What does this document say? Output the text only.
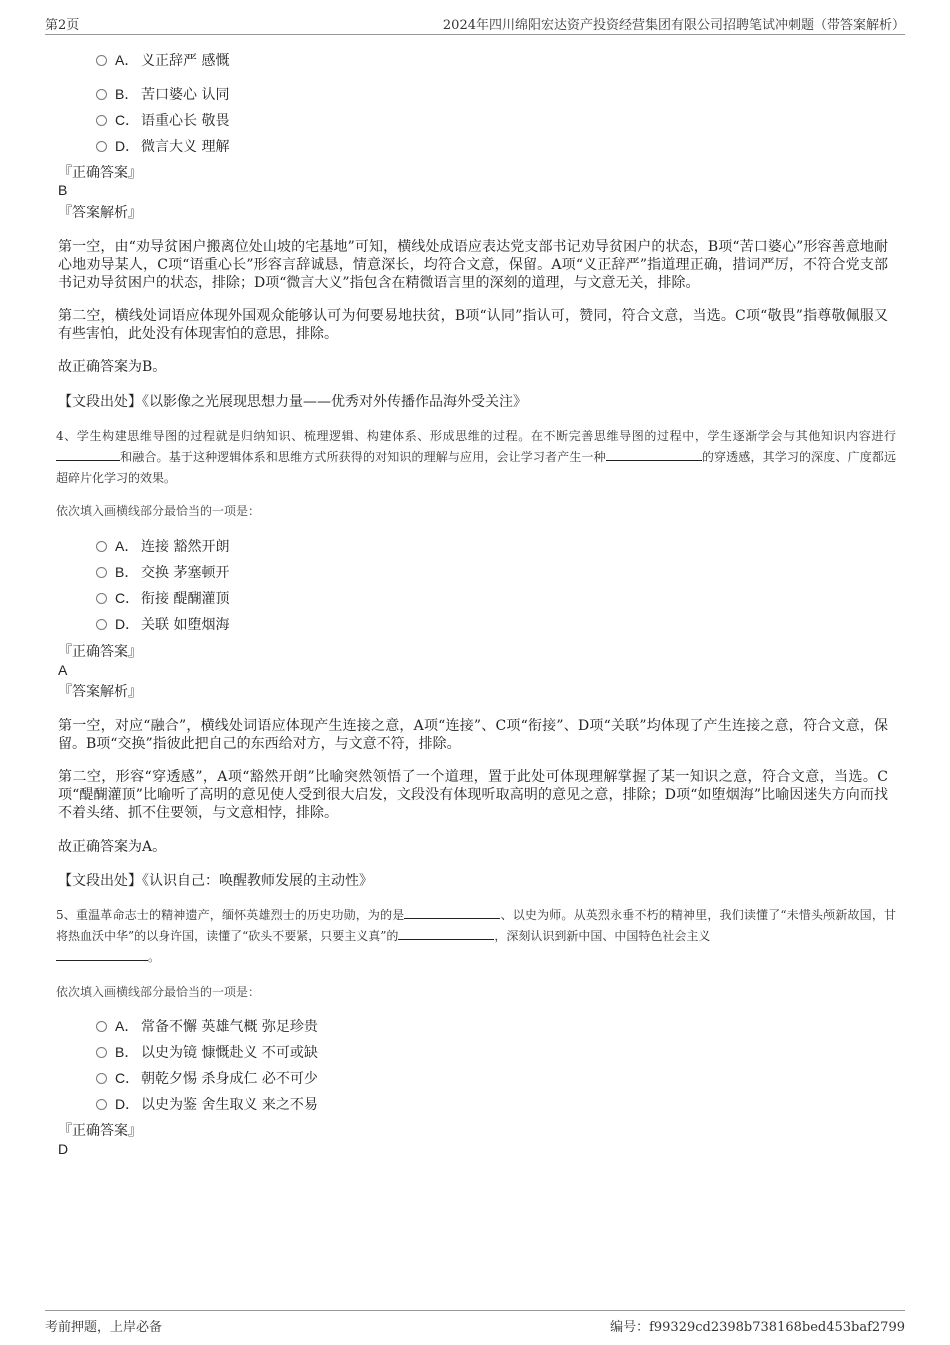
第2页	2024年四川绵阳宏达资产投资经营集团有限公司招聘笔试冲刺题（带答案解析）
A． 义正辞严 感慨
B． 苦口婆心 认同
C． 语重心长 敬畏
D． 微言大义 理解
『正确答案』
B
『答案解析』
第一空，由“劝导贫困户搬离位处山坡的宅基地”可知，横线处成语应表达党支部书记劝导贫困户的状态，B项“苦口婆心”形容善意地耐心地劝导某人，C项“语重心长”形容言辞诚恳，情意深长，均符合文意，保留。A项“义正辞严”指道理正确，措词严厉，不符合党支部书记劝导贫困户的状态，排除；D项“微言大义”指包含在精微语言里的深刻的道理，与文意无关，排除。
第二空，横线处词语应体现外国观众能够认可为何要易地扶贫，B项“认同”指认可，赞同，符合文意，当选。C项“敬畏”指尊敬佩服又有些害怕，此处没有体现害怕的意思，排除。
故正确答案为B。
【文段出处】《以影像之光展现思想力量——优秀对外传播作品海外受关注》
4、学生构建思维导图的过程就是归纳知识、梳理逻辑、构建体系、形成思维的过程。在不断完善思维导图的过程中，学生逐渐学会与其他知识内容进行和融合。基于这种逻辑体系和思维方式所获得的对知识的理解与应用，会让学习者产生一种	的穿透感，其学习的深度、广度都远超碎片化学习的效果。
依次填入画横线部分最恰当的一项是：
A． 连接 豁然开朗
B． 交换 茅塞顿开
C． 衔接 醍醐灌顶
D． 关联 如堕烟海
『正确答案』
A
『答案解析』
第一空，对应“融合”，横线处词语应体现产生连接之意，A项“连接”、C项“衔接”、D项“关联”均体现了产生连接之意，符合文意，保留。B项“交换”指彼此把自己的东西给对方，与文意不符，排除。
第二空，形容“穿透感”，A项“豁然开朗”比喻突然领悟了一个道理，置于此处可体现理解掌握了某一知识之意，符合文意，当选。C项“醍醐灌顶”比喻听了高明的意见使人受到很大启发，文段没有体现听取高明的意见之意，排除；D项“如堕烟海”比喻因迷失方向而找不着头绪、抓不住要领，与文意相悖，排除。
故正确答案为A。
【文段出处】《认识自己：唤醒教师发展的主动性》
5、重温革命志士的精神遗产，缅怀英雄烈士的历史功勋，为的是	、以史为师。从英烈永垂不朽的精神里，我们读懂了“未惜头颅新故国，甘将热血沃中华”的以身许国，读懂了“砍头不要紧，只要主义真”的	，深刻认识到新中国、中国特色社会主义
。
依次填入画横线部分最恰当的一项是：
A． 常备不懈 英雄气概 弥足珍贵
B． 以史为镜 慷慨赴义 不可或缺
C． 朝乾夕惕 杀身成仁 必不可少
D． 以史为鉴 舍生取义 来之不易
『正确答案』
D
考前押题，上岸必备	编号：f99329cd2398b738168bed453baf2799
